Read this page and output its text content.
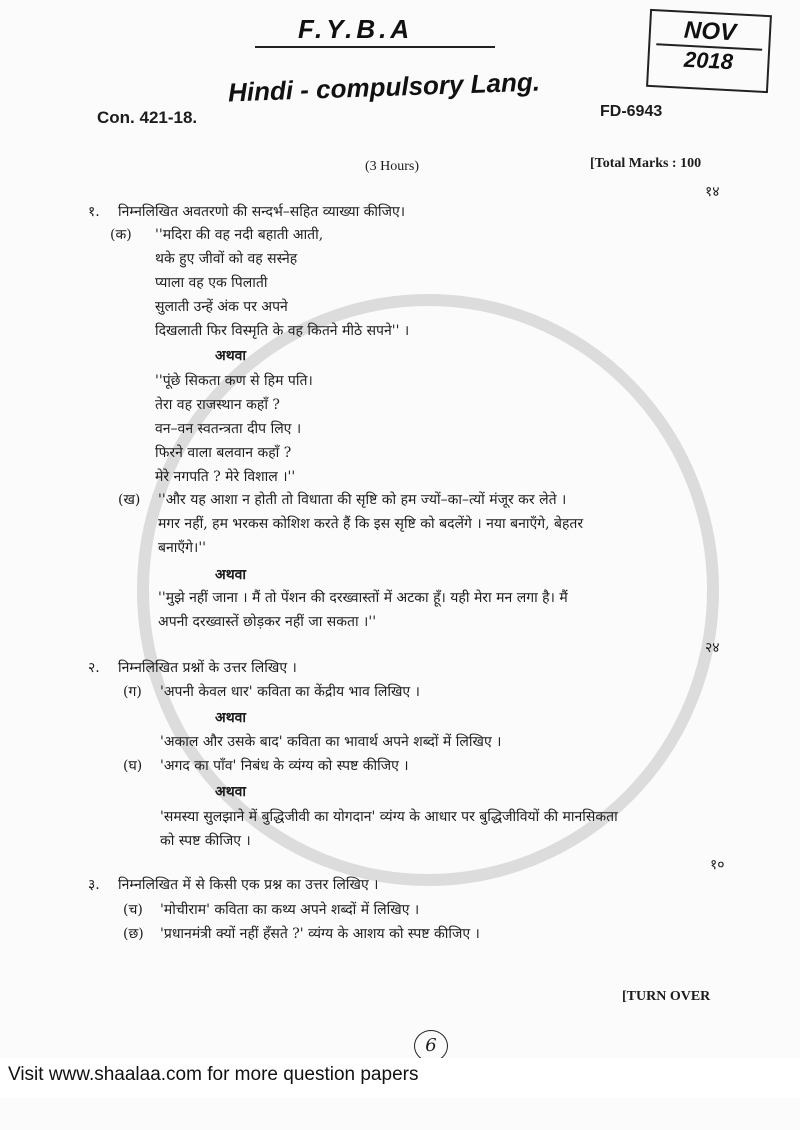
F.Y.B.A
Hindi - compulsory Lang.
NOV
2018
Con. 421-18.	FD-6943
(3 Hours)	[Total Marks : 100
१. निम्नलिखित अवतरणो की सन्दर्भ–सहित व्याख्या कीजिए।
१४
(क) ''मदिरा की वह नदी बहाती आती,
थके हुए जीवों को वह सस्नेह
प्याला वह एक पिलाती
सुलाती उन्हें अंक पर अपने
दिखलाती फिर विस्मृति के वह कितने मीठे सपने'' ।
अथवा
''पूंछे सिकता कण से हिम पति।
तेरा वह राजस्थान कहाँ ?
वन–वन स्वतन्त्रता दीप लिए ।
फिरने वाला बलवान कहाँ ?
मेरे नगपति ? मेरे विशाल ।''
(ख) ''और यह आशा न होती तो विधाता की सृष्टि को हम ज्यों–का–त्यों मंजूर कर लेते ।
मगर नहीं, हम भरकस कोशिश करते हैं कि इस सृष्टि को बदलेंगे । नया बनाएँगे, बेहतर
बनाएँगे।''
अथवा
''मुझे नहीं जाना । मैं तो पेंशन की दरख्वास्तों में अटका हूँ। यही मेरा मन लगा है। मैं
अपनी दरख्वास्तें छोड़कर नहीं जा सकता ।''
२. निम्नलिखित प्रश्नों के उत्तर लिखिए ।
२४
(ग) 'अपनी केवल धार' कविता का केंद्रीय भाव लिखिए ।
अथवा
'अकाल और उसके बाद' कविता का भावार्थ अपने शब्दों में लिखिए ।
(घ) 'अगद का पाँव' निबंध के व्यंग्य को स्पष्ट कीजिए ।
अथवा
'समस्या सुलझाने में बुद्धिजीवी का योगदान' व्यंग्य के आधार पर बुद्धिजीवियों की मानसिकता
को स्पष्ट कीजिए ।
३. निम्नलिखित में से किसी एक प्रश्न का उत्तर लिखिए ।
१०
(च) 'मोचीराम' कविता का कथ्य अपने शब्दों में लिखिए ।
(छ) 'प्रधानमंत्री क्यों नहीं हँसते ?' व्यंग्य के आशय को स्पष्ट कीजिए ।
[TURN OVER
6
Visit www.shaalaa.com for more question papers
